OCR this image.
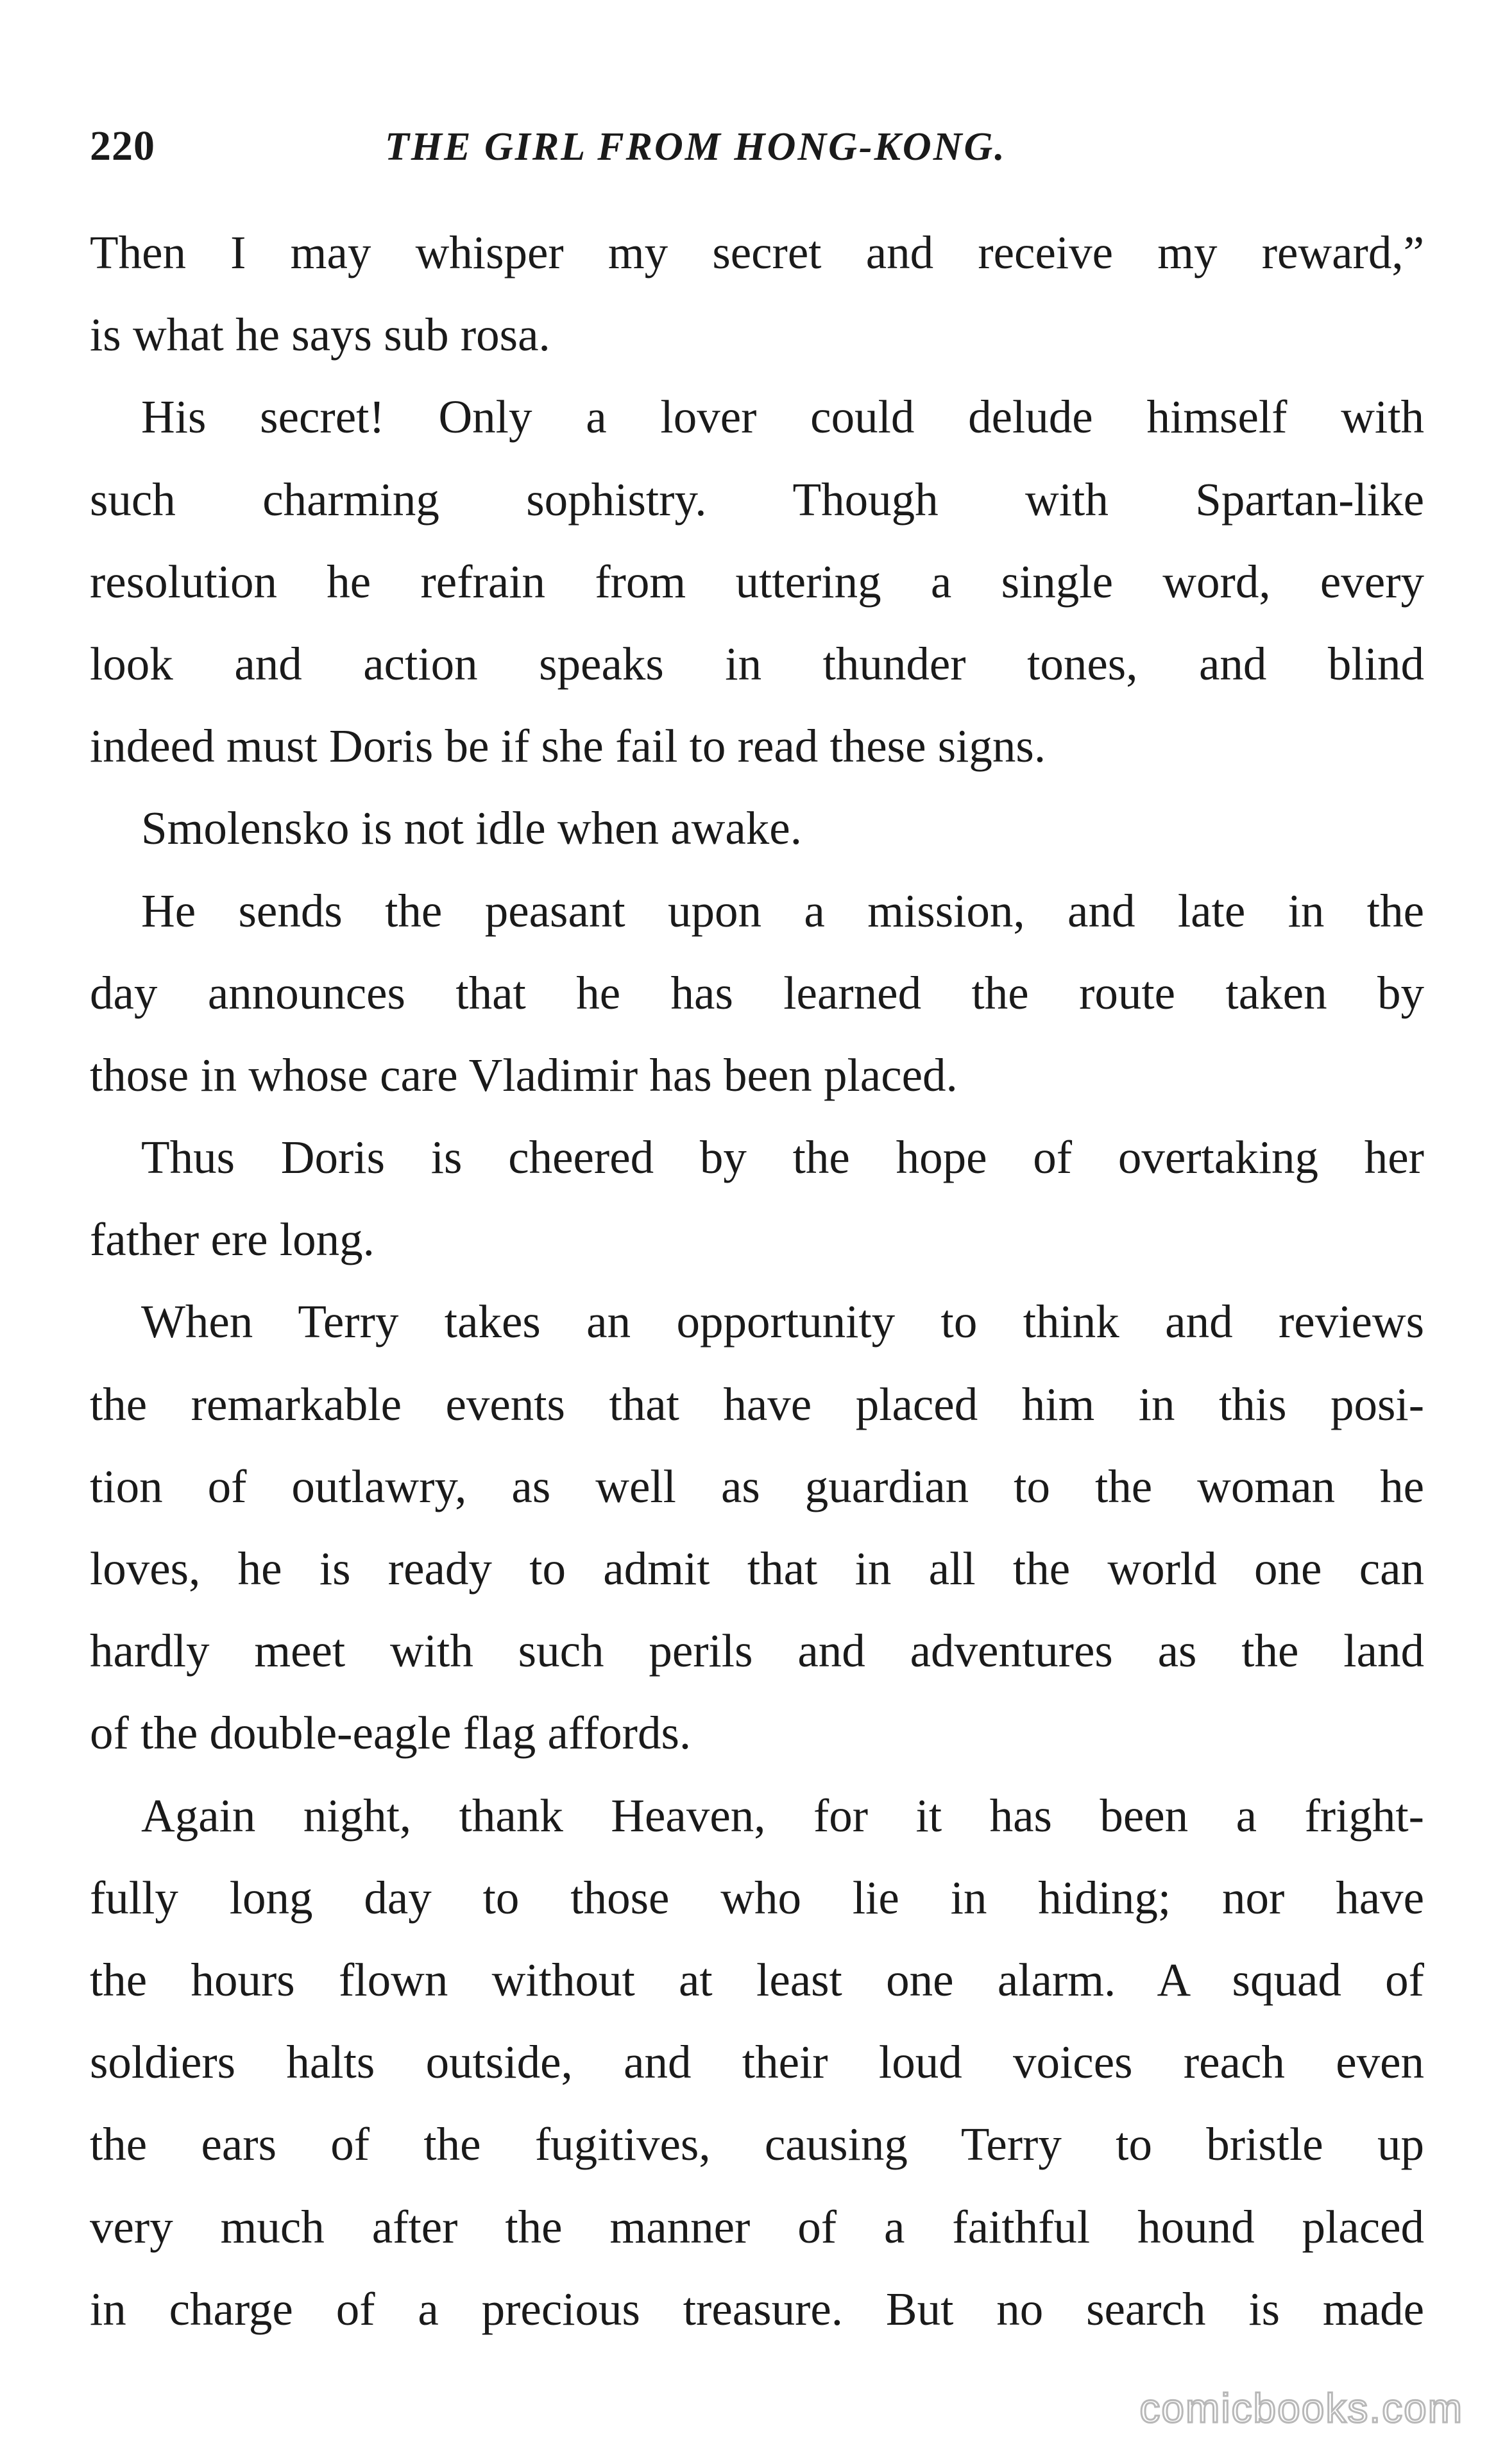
220	THE GIRL FROM HONG-KONG.
Then I may whisper my secret and receive my reward,”
is what he says sub rosa.
His secret! Only a lover could delude himself with
such charming sophistry. Though with Spartan-like
resolution he refrain from uttering a single word, every
look and action speaks in thunder tones, and blind
indeed must Doris be if she fail to read these signs.
Smolensko is not idle when awake.
He sends the peasant upon a mission, and late in the
day announces that he has learned the route taken by
those in whose care Vladimir has been placed.
Thus Doris is cheered by the hope of overtaking her
father ere long.
When Terry takes an opportunity to think and reviews
the remarkable events that have placed him in this posi-
tion of outlawry, as well as guardian to the woman he
loves, he is ready to admit that in all the world one can
hardly meet with such perils and adventures as the land
of the double-eagle flag affords.
Again night, thank Heaven, for it has been a fright-
fully long day to those who lie in hiding; nor have
the hours flown without at least one alarm. A squad of
soldiers halts outside, and their loud voices reach even
the ears of the fugitives, causing Terry to bristle up
very much after the manner of a faithful hound placed
in charge of a precious treasure. But no search is made
comicbooks.com
